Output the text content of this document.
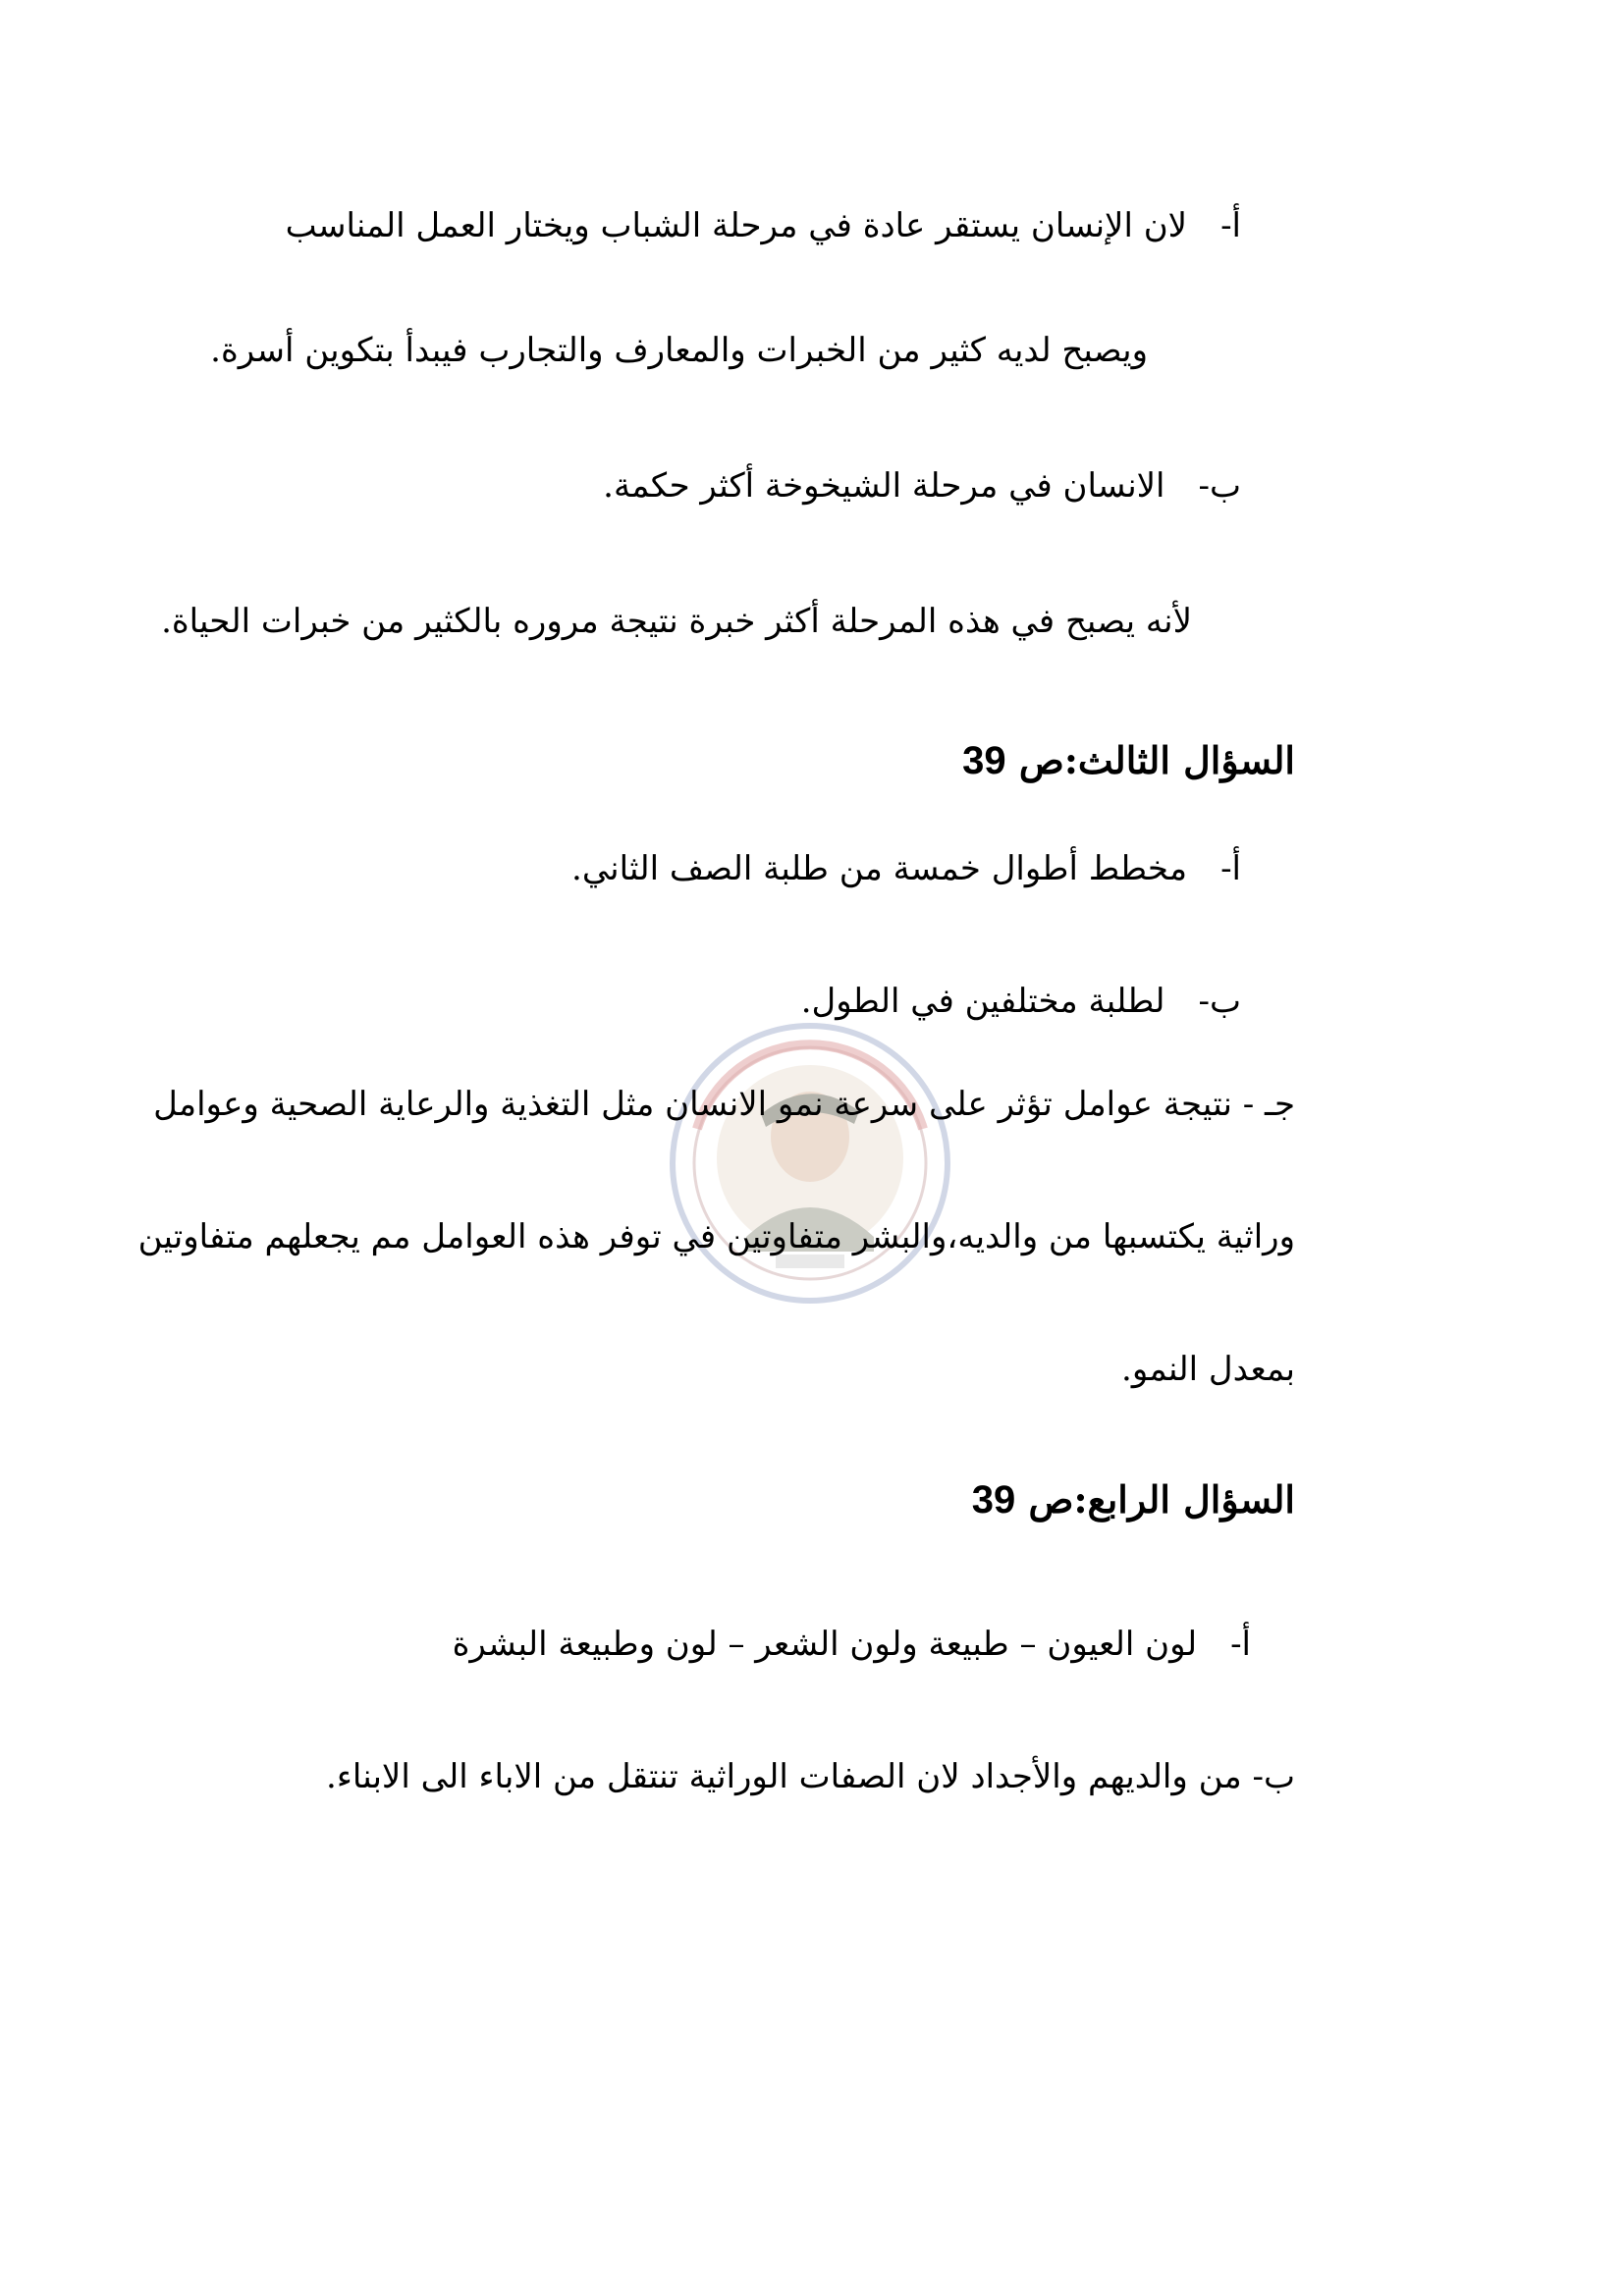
أ-لان الإنسان يستقر عادة في مرحلة الشباب ويختار العمل المناسب

ويصبح لديه كثير من الخبرات والمعارف والتجارب فيبدأ بتكوين أسرة.

ب-الانسان في مرحلة الشيخوخة أكثر حكمة.

لأنه يصبح في هذه المرحلة أكثر خبرة نتيجة مروره بالكثير من خبرات الحياة.

السؤال الثالث:ص 39

أ-مخطط أطوال خمسة من طلبة الصف الثاني.

ب-لطلبة مختلفين في الطول.

جـ - نتيجة عوامل تؤثر على سرعة نمو الانسان مثل التغذية والرعاية الصحية وعوامل

وراثية يكتسبها من والديه،والبشر متفاوتين في توفر هذه العوامل مم يجعلهم متفاوتين

بمعدل النمو.

السؤال الرابع:ص 39

أ-لون العيون – طبيعة ولون الشعر – لون وطبيعة البشرة

ب- من والديهم والأجداد لان الصفات الوراثية تنتقل من الاباء الى الابناء.
